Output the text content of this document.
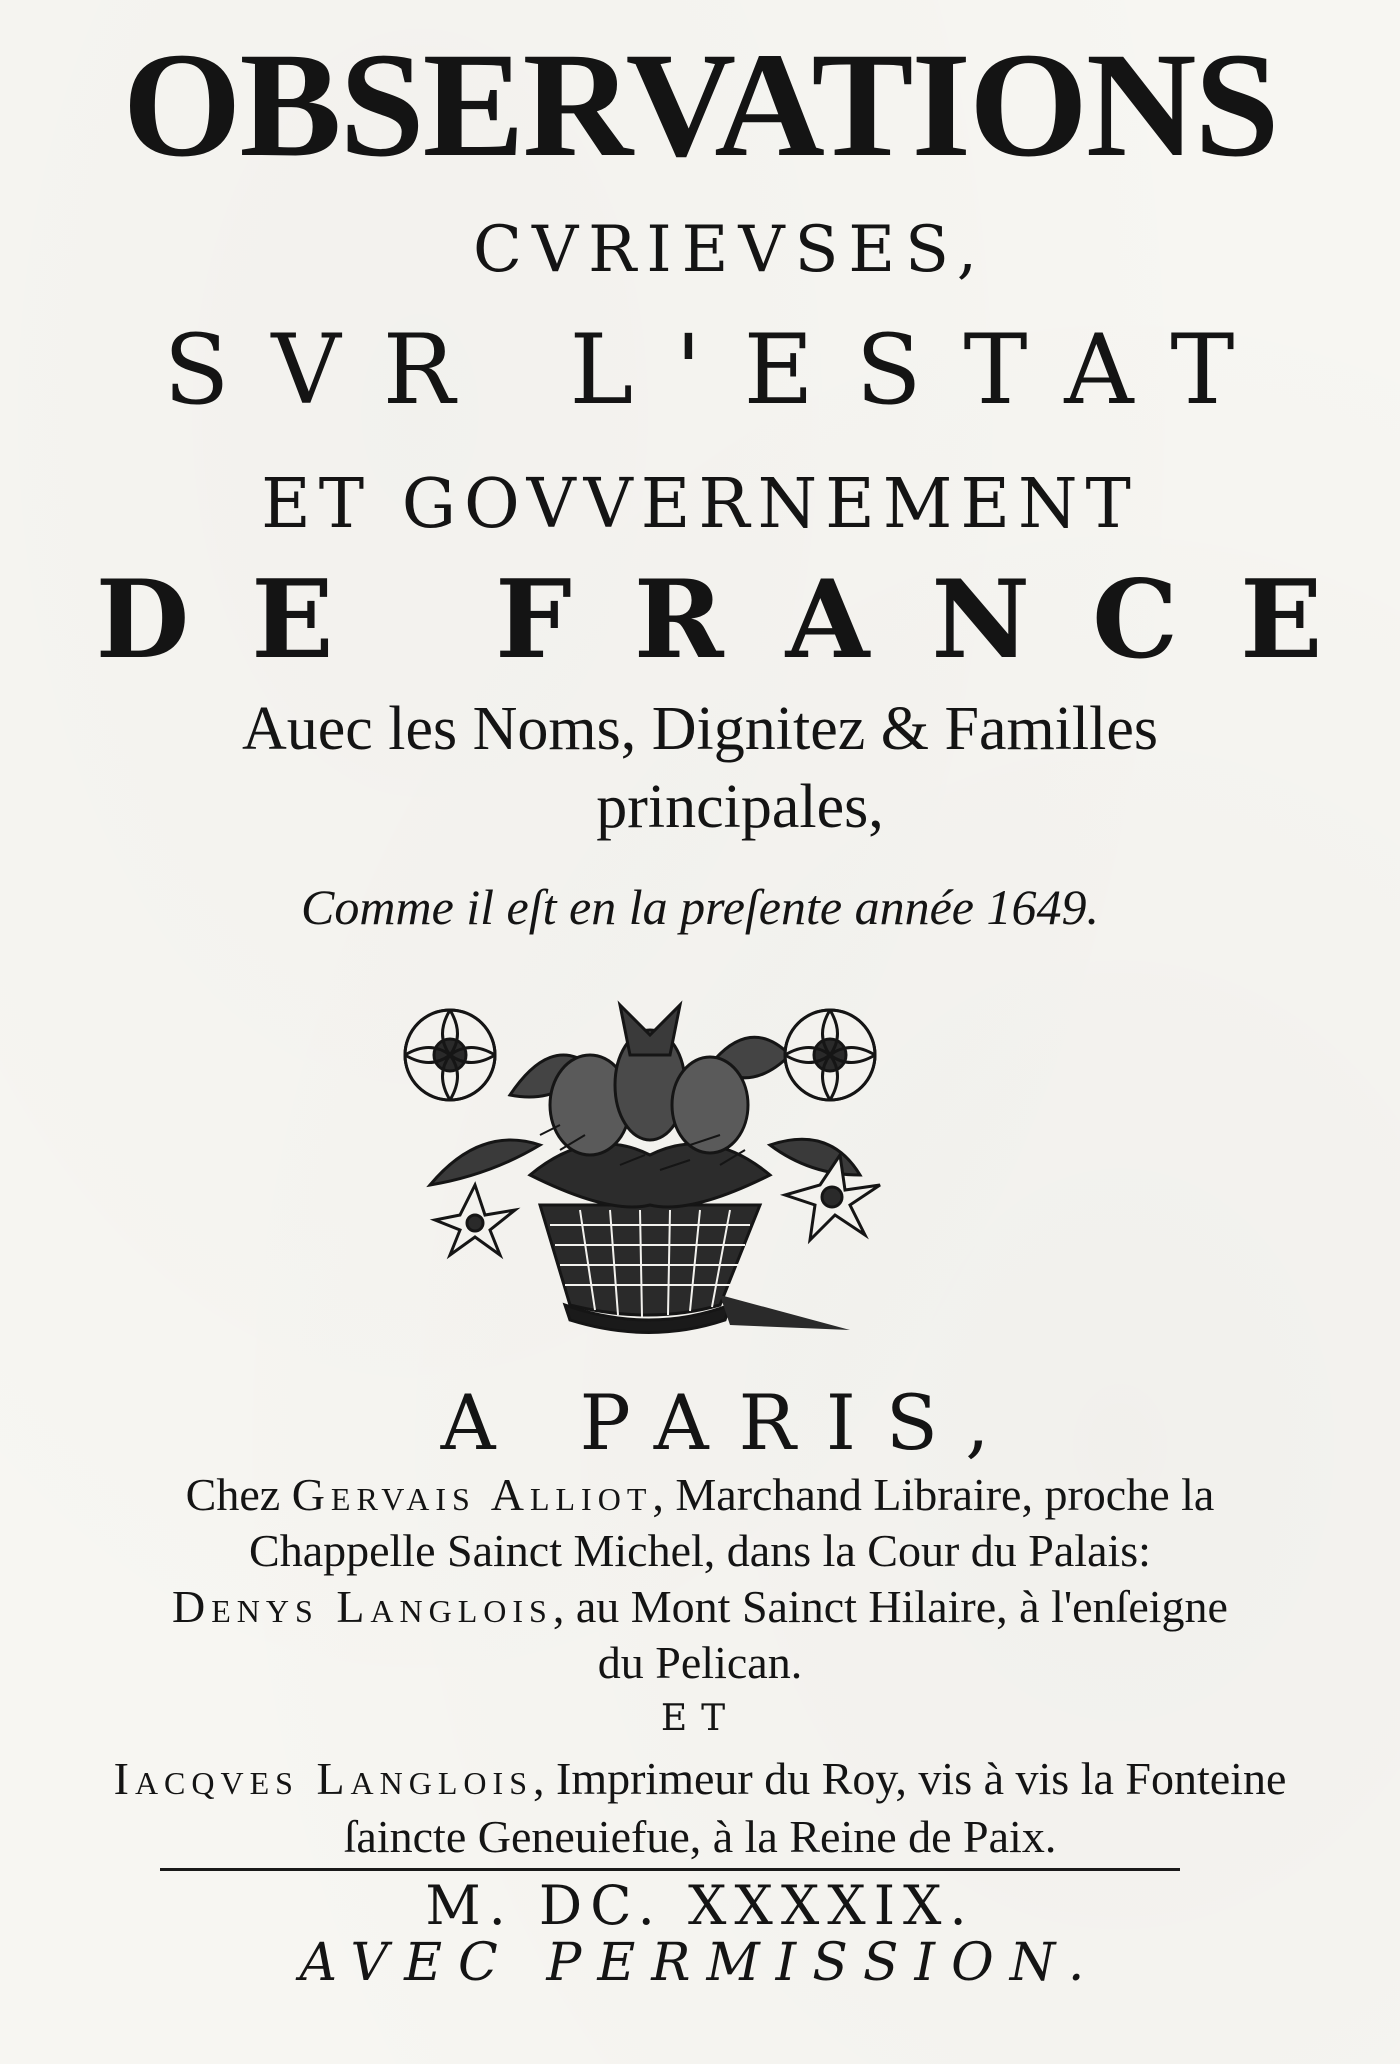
OBSERVATIONS
CVRIEVSES,
SVR L'ESTAT
ET GOVVERNEMENT
DE FRANCE
Auec les Noms, Dignitez & Familles
principales,
Comme il eſt en la preſente année 1649.
A PARIS,
Chez Gervais Alliot, Marchand Libraire, proche la
Chappelle Sainct Michel, dans la Cour du Palais:
Denys Langlois, au Mont Sainct Hilaire, à l'enſeigne
du Pelican.
ET
Iacqves Langlois, Imprimeur du Roy, vis à vis la Fonteine
ſaincte Geneuiefue, à la Reine de Paix.
M. DC. XXXXIX.
AVEC PERMISSION.
